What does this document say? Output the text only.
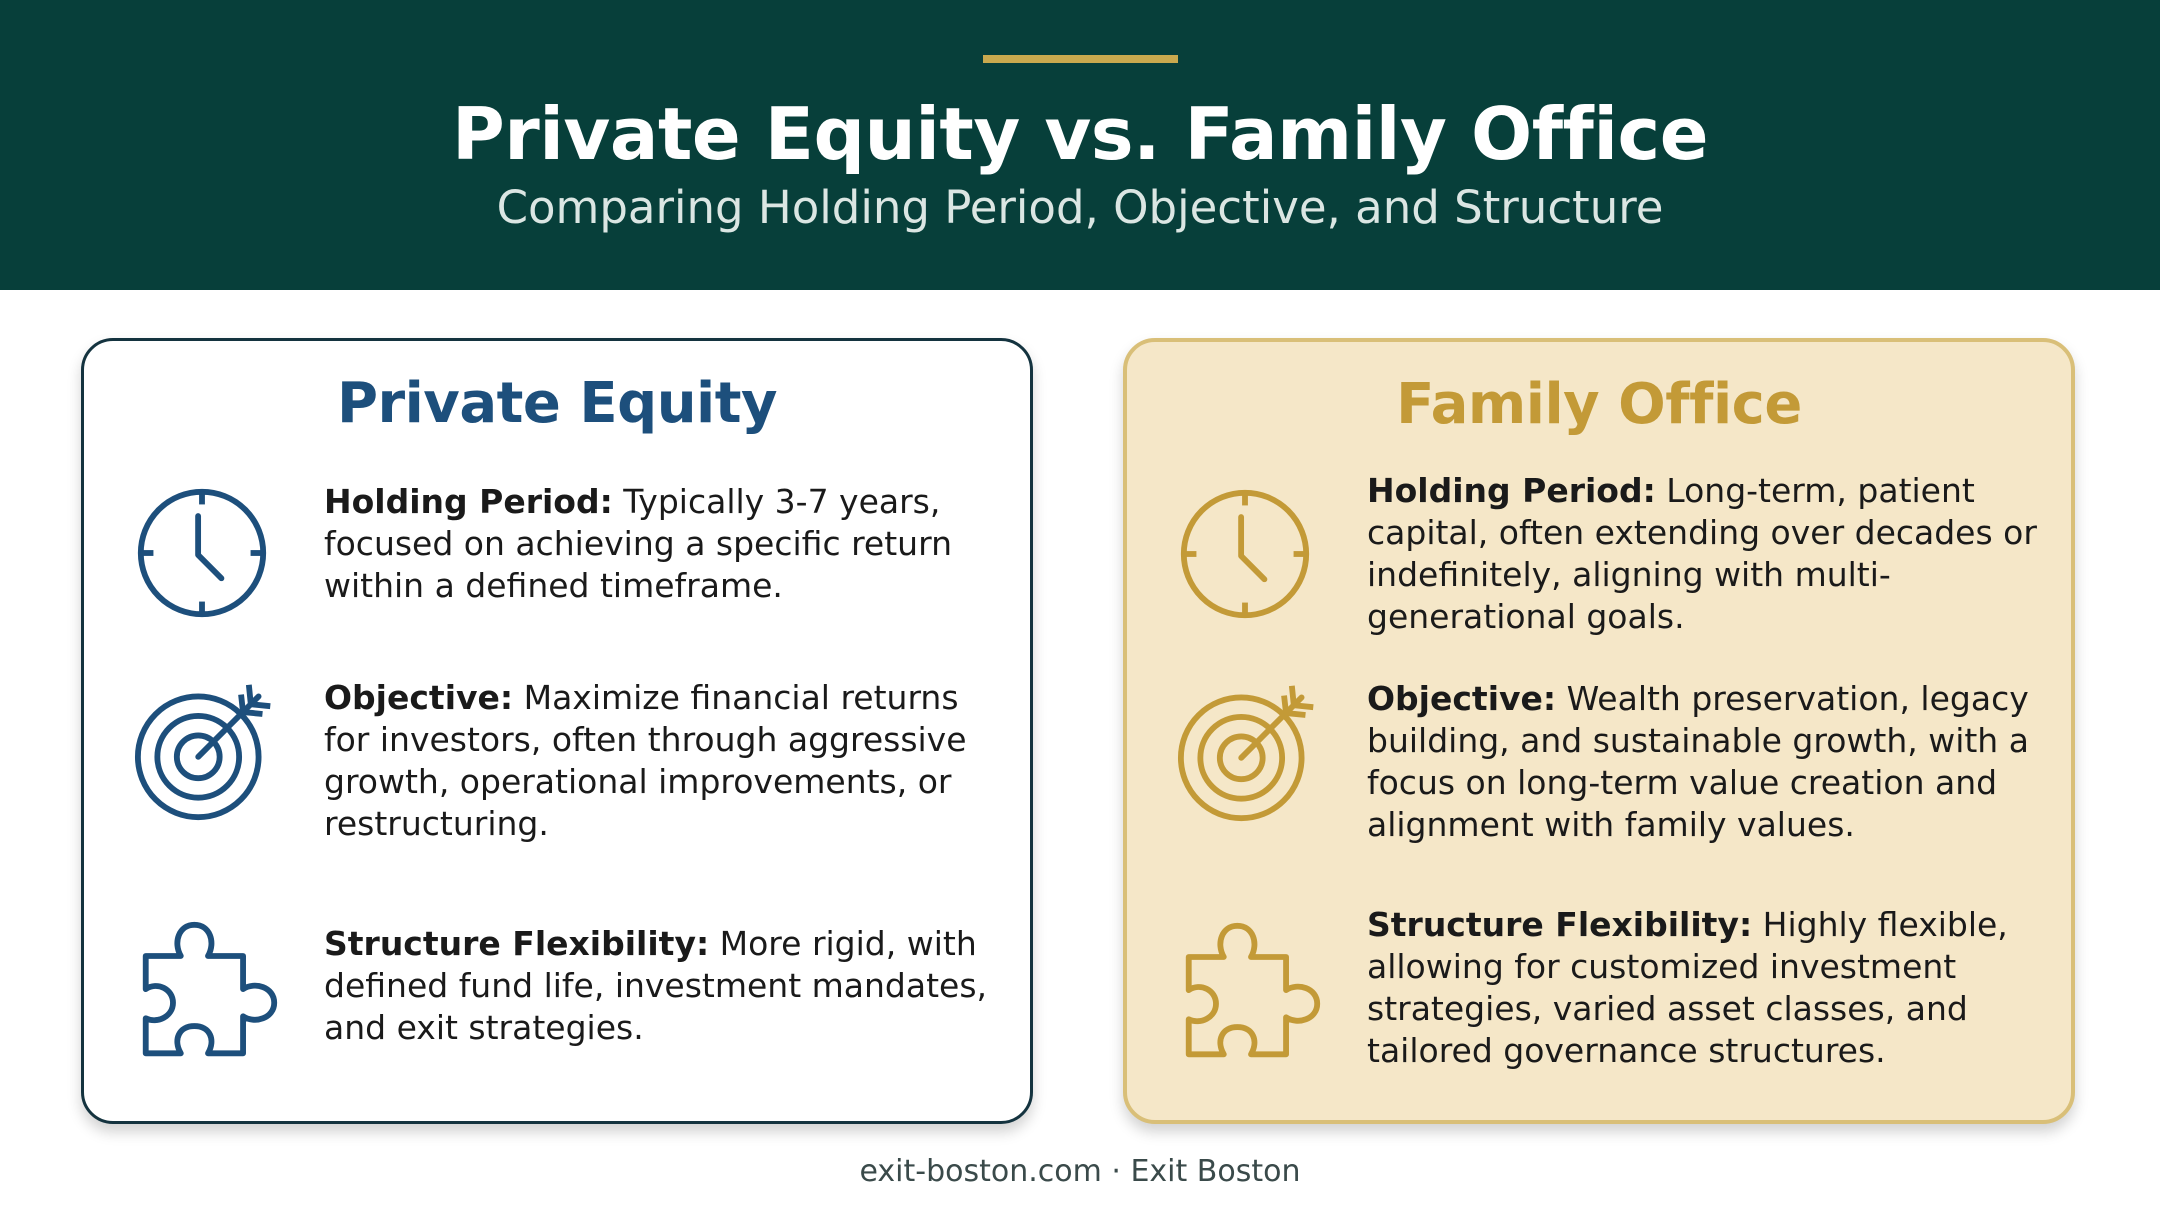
Private Equity vs. Family Office
Comparing Holding Period, Objective, and Structure
Private Equity
Holding Period: Typically 3-7 years, focused on achieving a specific return within a defined timeframe.
Objective: Maximize financial returns for investors, often through aggressive growth, operational improvements, or restructuring.
Structure Flexibility: More rigid, with defined fund life, investment mandates, and exit strategies.
Family Office
Holding Period: Long-term, patient capital, often extending over decades or indefinitely, aligning with multi-generational goals.
Objective: Wealth preservation, legacy building, and sustainable growth, with a focus on long-term value creation and alignment with family values.
Structure Flexibility: Highly flexible, allowing for customized investment strategies, varied asset classes, and tailored governance structures.
exit-boston.com · Exit Boston
